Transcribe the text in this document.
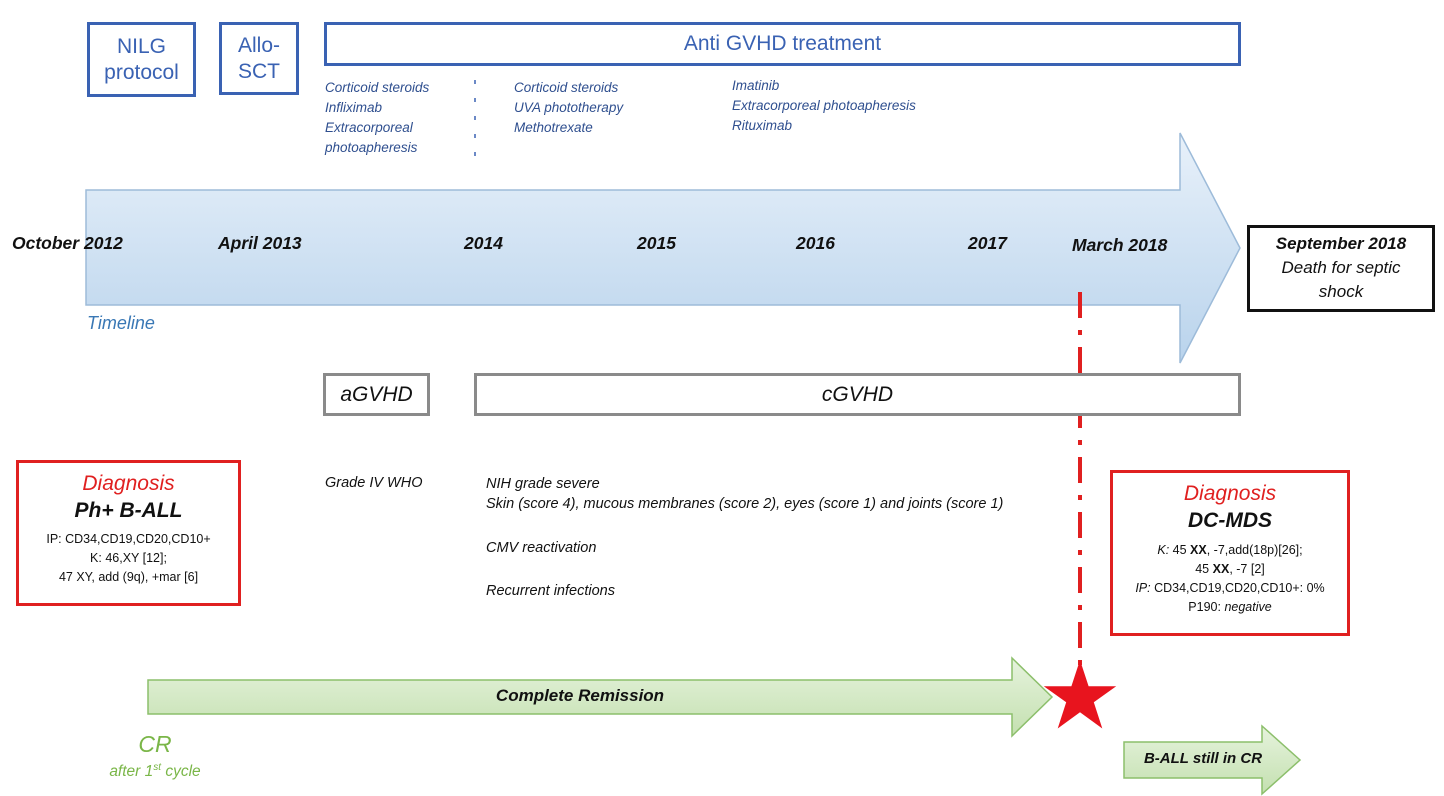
NILG protocol
Allo-SCT
Anti GVHD treatment
Corticoid steroids
Infliximab
Extracorporeal
photoapheresis
Corticoid steroids
UVA phototherapy
Methotrexate
Imatinib
Extracorporeal photoapheresis
Rituximab
October 2012	April 2013	2014	2015	2016	2017	March 2018
Timeline
September 2018
Death for septic
shock
aGVHD	cGVHD
Grade IV WHO	NIH grade severe
Skin (score 4), mucous membranes (score 2), eyes (score 1) and joints (score 1)
CMV reactivation
Recurrent infections
Diagnosis
Ph+ B-ALL
IP: CD34,CD19,CD20,CD10+
K: 46,XY [12];
47 XY, add (9q), +mar [6]
Diagnosis
DC-MDS
K: 45 XX, -7,add(18p)[26];
45 XX, -7 [2]
IP: CD34,CD19,CD20,CD10+: 0%
P190: negative
Complete Remission
CR
after 1st cycle
B-ALL still in CR
